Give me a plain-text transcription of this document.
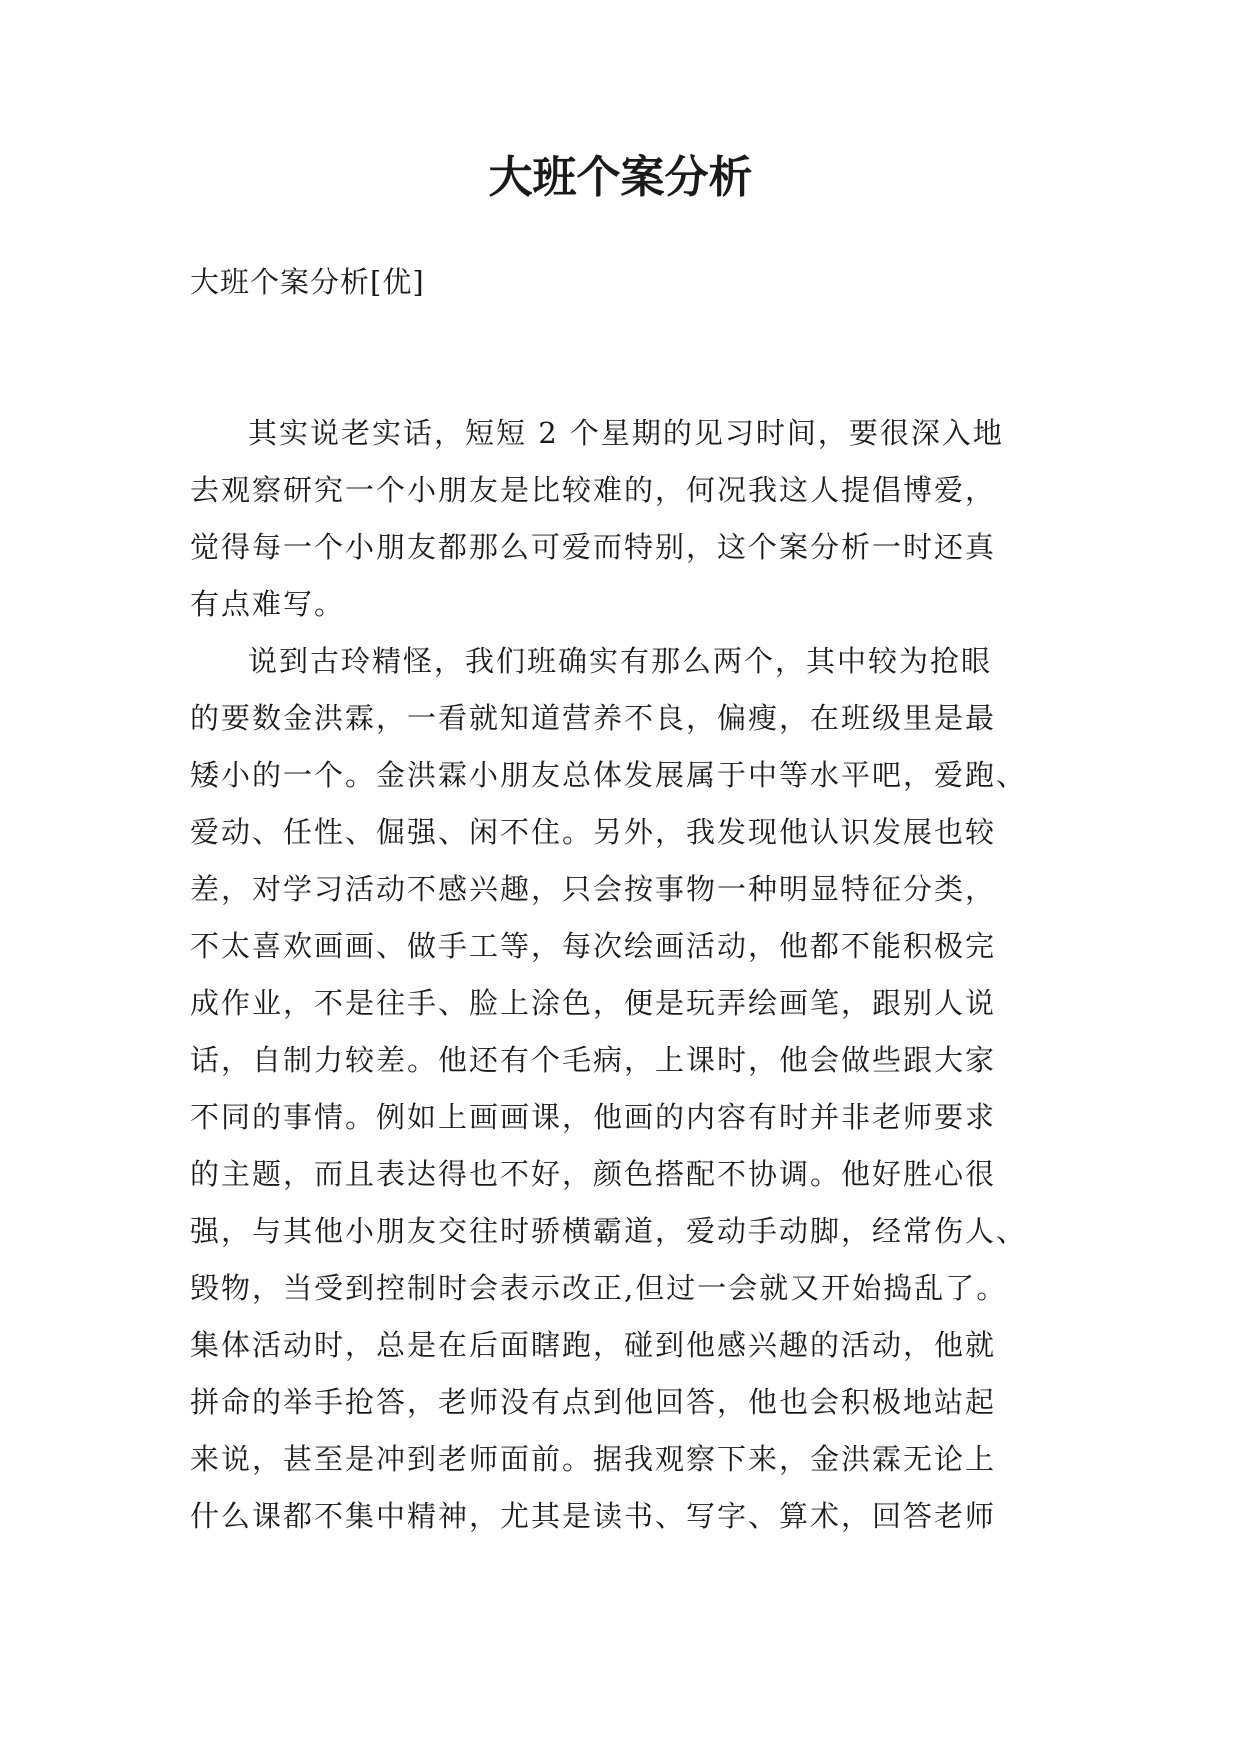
大班个案分析

大班个案分析[优]

其实说老实话，短短 2 个星期的见习时间，要很深入地
去观察研究一个小朋友是比较难的，何况我这人提倡博爱，
觉得每一个小朋友都那么可爱而特别，这个案分析一时还真
有点难写。

说到古玲精怪，我们班确实有那么两个，其中较为抢眼
的要数金洪霖，一看就知道营养不良，偏瘦，在班级里是最
矮小的一个。金洪霖小朋友总体发展属于中等水平吧，爱跑、
爱动、任性、倔强、闲不住。另外，我发现他认识发展也较
差，对学习活动不感兴趣，只会按事物一种明显特征分类，
不太喜欢画画、做手工等，每次绘画活动，他都不能积极完
成作业，不是往手、脸上涂色，便是玩弄绘画笔，跟别人说
话，自制力较差。他还有个毛病，上课时，他会做些跟大家
不同的事情。例如上画画课，他画的内容有时并非老师要求
的主题，而且表达得也不好，颜色搭配不协调。他好胜心很
强，与其他小朋友交往时骄横霸道，爱动手动脚，经常伤人、
毁物，当受到控制时会表示改正,但过一会就又开始捣乱了。
集体活动时，总是在后面瞎跑，碰到他感兴趣的活动，他就
拼命的举手抢答，老师没有点到他回答，他也会积极地站起
来说，甚至是冲到老师面前。据我观察下来，金洪霖无论上
什么课都不集中精神，尤其是读书、写字、算术，回答老师
